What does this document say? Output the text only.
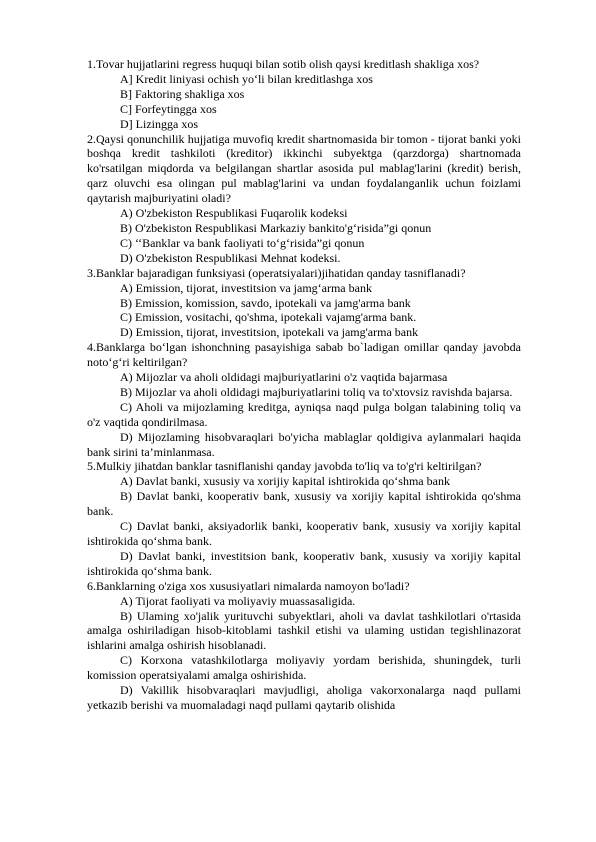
1.Tovar hujjatlarini regress huquqi bilan sotib olish qaysi kreditlash shakliga xos?

A] Kredit liniyasi ochish yo‘li bilan kreditlashga xos

B] Faktoring shakliga xos

C] Forfeytingga xos

D] Lizingga xos

2.Qaysi qonunchilik hujjatiga muvofiq kredit shartnomasida bir tomon - tijorat banki yoki boshqa kredit tashkiloti (kreditor) ikkinchi subyektga (qarzdorga) shartnomada ko'rsatilgan miqdorda va belgilangan shartlar asosida pul mablag'larini (kredit) berish, qarz oluvchi esa olingan pul mablag'larini va undan foydalanganlik uchun foizlami qaytarish majburiyatini oladi?

A) O'zbekiston Respublikasi Fuqarolik kodeksi

B) O'zbekiston Respublikasi Markaziy bankito'g‘risida”gi qonun

C) ‘‘Banklar va bank faoliyati to‘g‘risida”gi qonun

D) O'zbekiston Respublikasi Mehnat kodeksi.

3.Banklar bajaradigan funksiyasi (operatsiyalari)jihatidan qanday tasniflanadi?

A) Emission, tijorat, investitsion va jamg‘arma bank

B) Emission, komission, savdo, ipotekali va jamg'arma bank

C) Emission, vositachi, qo'shma, ipotekali vajamg'arma bank.

D) Emission, tijorat, investitsion, ipotekali va jamg'arma bank

4.Banklarga bo‘lgan ishonchning pasayishiga sabab bo`ladigan omillar qanday javobda noto‘g‘ri keltirilgan?

A) Mijozlar va aholi oldidagi majburiyatlarini o'z vaqtida bajarmasa

B) Mijozlar va aholi oldidagi majburiyatlarini toliq va to'xtovsiz ravishda bajarsa.

C) Aholi va mijozlaming kreditga, ayniqsa naqd pulga bolgan talabining toliq va o'z vaqtida qondirilmasa.

D) Mijozlaming hisobvaraqlari bo'yicha mablaglar qoldigiva aylanmalari haqida bank sirini ta’minlanmasa.

5.Mulkiy jihatdan banklar tasniflanishi qanday javobda to'liq va to'g'ri keltirilgan?

A) Davlat banki, xususiy va xorijiy kapital ishtirokida qo‘shma bank

B) Davlat banki, kooperativ bank, xususiy va xorijiy kapital ishtirokida qo'shma bank.

C) Davlat banki, aksiyadorlik banki, kooperativ bank, xususiy va xorijiy kapital ishtirokida qo‘shma bank.

D) Davlat banki, investitsion bank, kooperativ bank, xususiy va xorijiy kapital ishtirokida qo‘shma bank.

6.Banklarning o'ziga xos xususiyatlari nimalarda namoyon bo'ladi?

A) Tijorat faoliyati va moliyaviy muassasaligida.

B) Ulaming xo'jalik yurituvchi subyektlari, aholi va davlat tashkilotlari o'rtasida amalga oshiriladigan hisob-kitoblami tashkil etishi va ulaming ustidan tegishlinazorat ishlarini amalga oshirish hisoblanadi.

C) Korxona vatashkilotlarga moliyaviy yordam berishida, shuningdek, turli komission operatsiyalami amalga oshirishida.

D) Vakillik hisobvaraqlari mavjudligi, aholiga vakorxonalarga naqd pullami yetkazib berishi va muomaladagi naqd pullami qaytarib olishida
